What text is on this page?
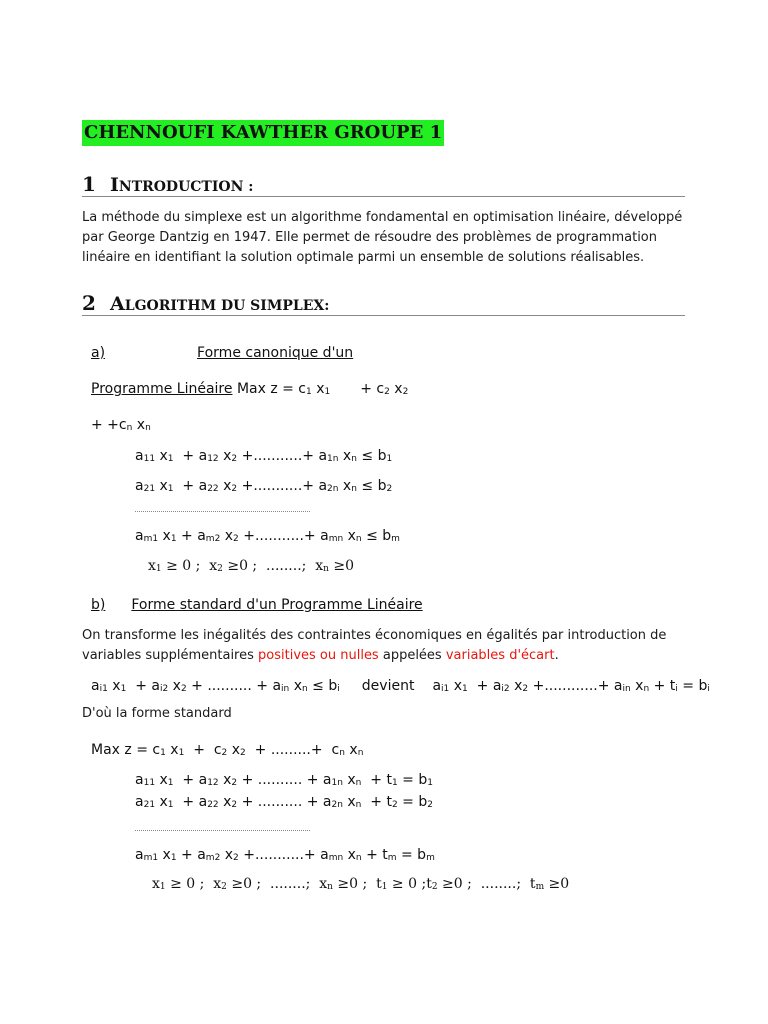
CHENNOUFI KAWTHER GROUPE 1
1 INTRODUCTION :
La méthode du simplexe est un algorithme fondamental en optimisation linéaire, développé par George Dantzig en 1947. Elle permet de résoudre des problèmes de programmation linéaire en identifiant la solution optimale parmi un ensemble de solutions réalisables.
2 ALGORITHM DU SIMPLEX:
a)	Forme canonique d'un
Programme Linéaire Max $z = c_1$ $x_1 + c_2$ $x_2$
+ $+c_n$ $x_n$
$a_{11}$ $x_1 + a_{12}$ $x_2$ +...........+ $a_{1n}$ $x_n \le b_1$
$a_{21}$ $x_1 + a_{22}$ $x_2$ +...........+ $a_{2n}$ $x_n \le b_2$
$a_{m1}$ $x_1 + a_{m2}$ $x_2$ +...........+ $a_{mn}$ $x_n \le b_m$
$x_1 \ge 0$ ;  $x_2 \ge 0$ ;  ........;  $x_n \ge 0$
b) Forme standard d'un Programme Linéaire
On transforme les inégalités des contraintes économiques en égalités par introduction de variables supplémentaires positives ou nulles appelées variables d'écart.
$a_{i1}$ $x_1 + a_{i2}$ $x_2$ + .......... + $a_{in}$ $x_n \le b_i$ devient $a_{i1}$ $x_1 + a_{i2}$ $x_2$ +............+ $a_{in}$ $x_n + t_i = b_i$
D'où la forme standard
Max $z = c_1$ $x_1 + c_2$ $x_2$  + .........+  $c_n$ $x_n$
$a_{11}$ $x_1 + a_{12}$ $x_2$ + .......... + $a_{1n}$ $x_n + t_1 = b_1$
$a_{21}$ $x_1 + a_{22}$ $x_2$ + .......... + $a_{2n}$ $x_n + t_2 = b_2$
$a_{m1}$ $x_1 + a_{m2}$ $x_2$ +...........+ $a_{mn}$ $x_n + t_m = b_m$
$x_1 \ge 0$ ;  $x_2 \ge 0$ ;  ........;  $x_n \ge 0$ ;  $t_1 \ge 0$ $;t_2 \ge 0$ ;  ........;  $t_m \ge 0$
